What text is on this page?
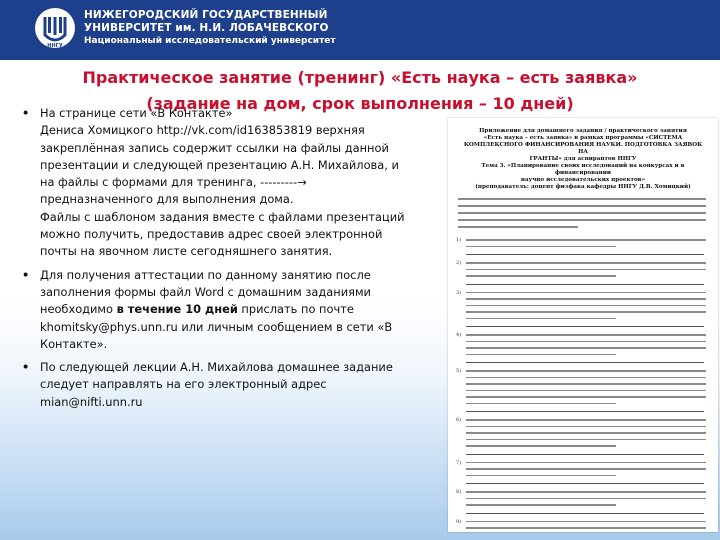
ННГУ
НИЖЕГОРОДСКИЙ ГОСУДАРСТВЕННЫЙ
УНИВЕРСИТЕТ им. Н.И. ЛОБАЧЕВСКОГО
Национальный исследовательский университет
Практическое занятие (тренинг) «Есть наука – есть заявка»
(задание на дом, срок выполнения – 10 дней)
• На странице сети «В Контакте»
Дениса Хомицкого http://vk.com/id163853819 верхняя закреплённая запись содержит ссылки на файлы данной презентации и следующей презентацию А.Н. Михайлова, и на файлы с формами для тренинга, ---------→ предназначенного для выполнения дома.
Файлы с шаблоном задания вместе с файлами презентаций можно получить, предоставив адрес своей электронной почты на явочном листе сегодняшнего занятия.
• Для получения аттестации по данному занятию после заполнения формы файл Word с домашним заданиями необходимо в течение 10 дней прислать по почте khomitsky@phys.unn.ru или личным сообщением в сети «В Контакте».
• По следующей лекции А.Н. Михайлова домашнее задание следует направлять на его электронный адрес mian@nifti.unn.ru
Приложение для домашнего задания / практического занятия
«Есть наука – есть заявка» в рамках программы «СИСТЕМА
КОМПЛЕКСНОГО ФИНАНСИРОВАНИЯ НАУКИ. ПОДГОТОВКА ЗАЯВОК НА
ГРАНТЫ» для аспирантов ННГУ
Тема 3. «Планирование своих исследований на конкурсах и в финансировании
научно исследовательских проектов»
(преподаватель: доцент физфака кафедры ННГУ Д.В. Хомицкий)
1)
2)
3)
4)
5)
6)
7)
8)
9)
